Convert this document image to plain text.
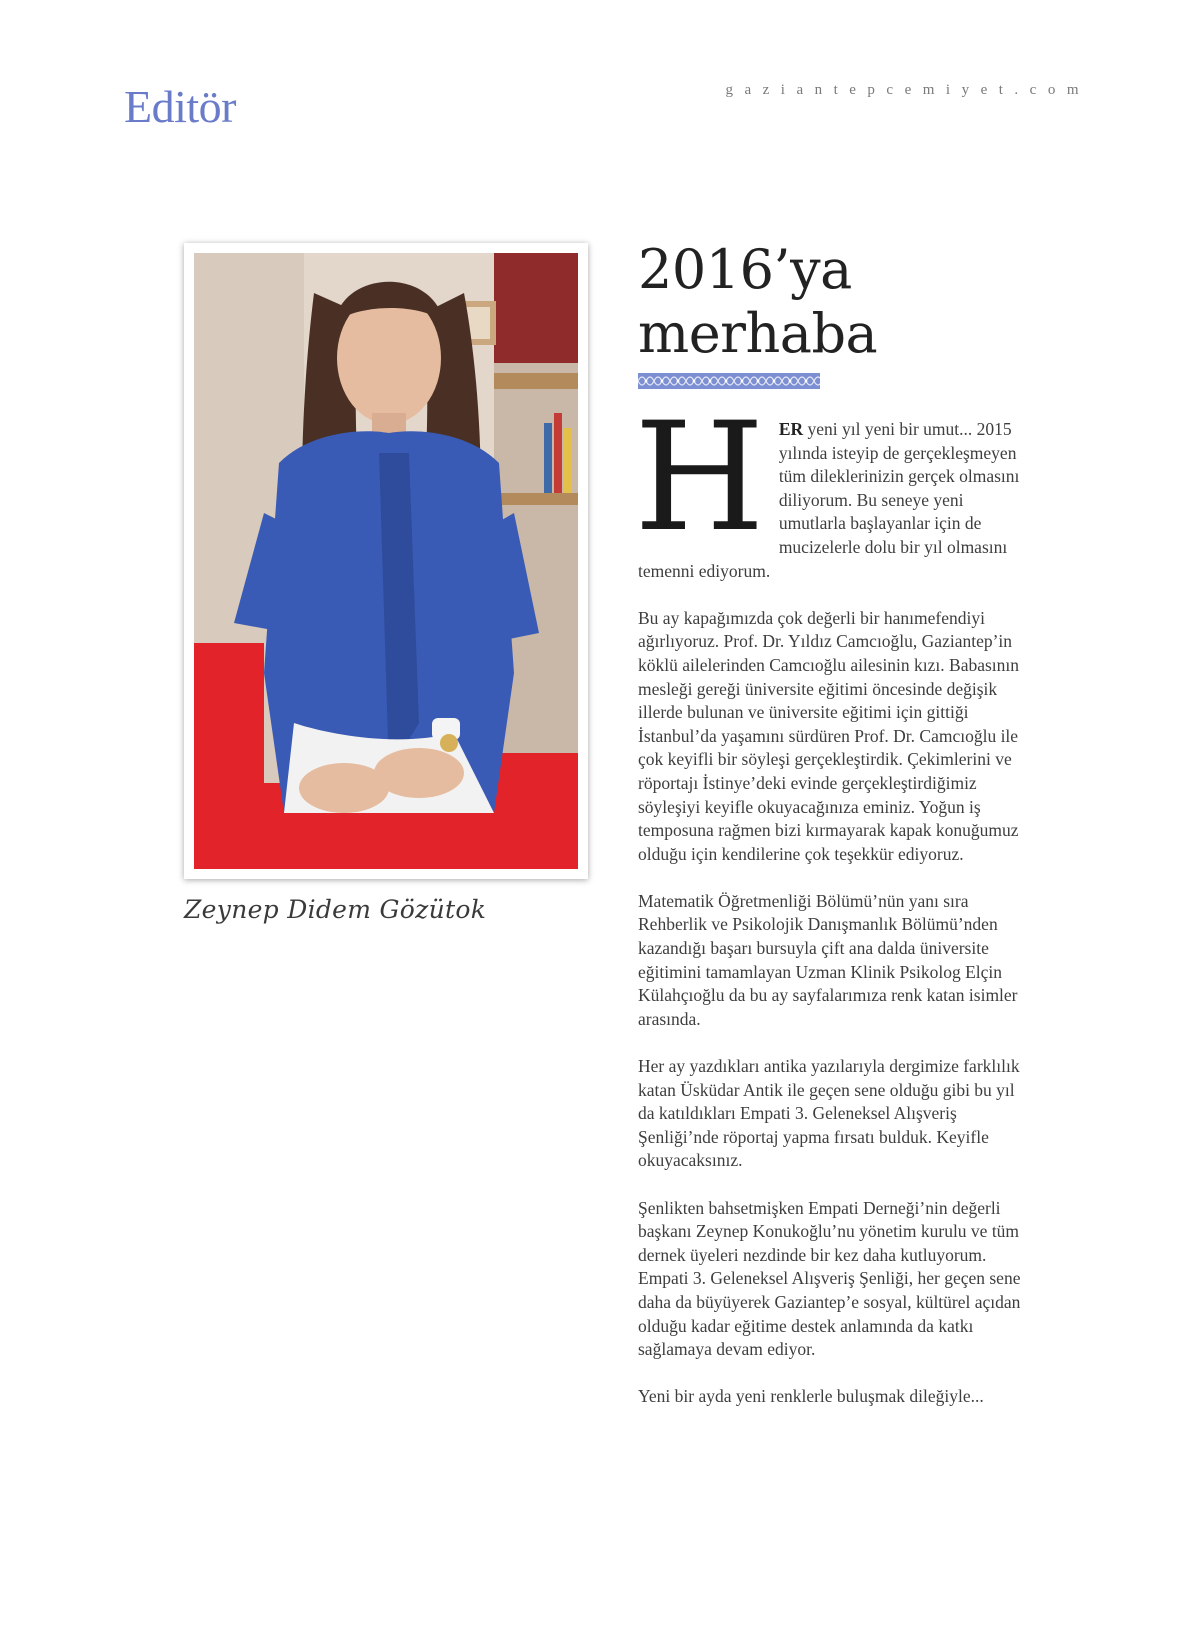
Editör	gaziantepcemiyet.com
Zeynep Didem Gözütok
2016’ya
merhaba

HER yeni yıl yeni bir umut... 2015 yılında isteyip de gerçekleşmeyen tüm dileklerinizin gerçek olmasını diliyorum. Bu seneye yeni umutlarla başlayanlar için de mucizelerle dolu bir yıl olmasını temenni ediyorum.

Bu ay kapağımızda çok değerli bir hanımefendiyi ağırlıyoruz. Prof. Dr. Yıldız Camcıoğlu, Gaziantep’in köklü ailelerinden Camcıoğlu ailesinin kızı. Babasının mesleği gereği üniversite eğitimi öncesinde değişik illerde bulunan ve üniversite eğitimi için gittiği İstanbul’da yaşamını sürdüren Prof. Dr. Camcıoğlu ile çok keyifli bir söyleşi gerçekleştirdik. Çekimlerini ve röportajı İstinye’deki evinde gerçekleştirdiğimiz söyleşiyi keyifle okuyacağınıza eminiz. Yoğun iş temposuna rağmen bizi kırmayarak kapak konuğumuz olduğu için kendilerine çok teşekkür ediyoruz.

Matematik Öğretmenliği Bölümü’nün yanı sıra Rehberlik ve Psikolojik Danışmanlık Bölümü’nden kazandığı başarı bursuyla çift ana dalda üniversite eğitimini tamamlayan Uzman Klinik Psikolog Elçin Külahçıoğlu da bu ay sayfalarımıza renk katan isimler arasında.

Her ay yazdıkları antika yazılarıyla dergimize farklılık katan Üsküdar Antik ile geçen sene olduğu gibi bu yıl da katıldıkları Empati 3. Geleneksel Alışveriş Şenliği’nde röportaj yapma fırsatı bulduk. Keyifle okuyacaksınız.

Şenlikten bahsetmişken Empati Derneği’nin değerli başkanı Zeynep Konukoğlu’nu yönetim kurulu ve tüm dernek üyeleri nezdinde bir kez daha kutluyorum. Empati 3. Geleneksel Alışveriş Şenliği, her geçen sene daha da büyüyerek Gaziantep’e sosyal, kültürel açıdan olduğu kadar eğitime destek anlamında da katkı sağlamaya devam ediyor.

Yeni bir ayda yeni renklerle buluşmak dileğiyle...
